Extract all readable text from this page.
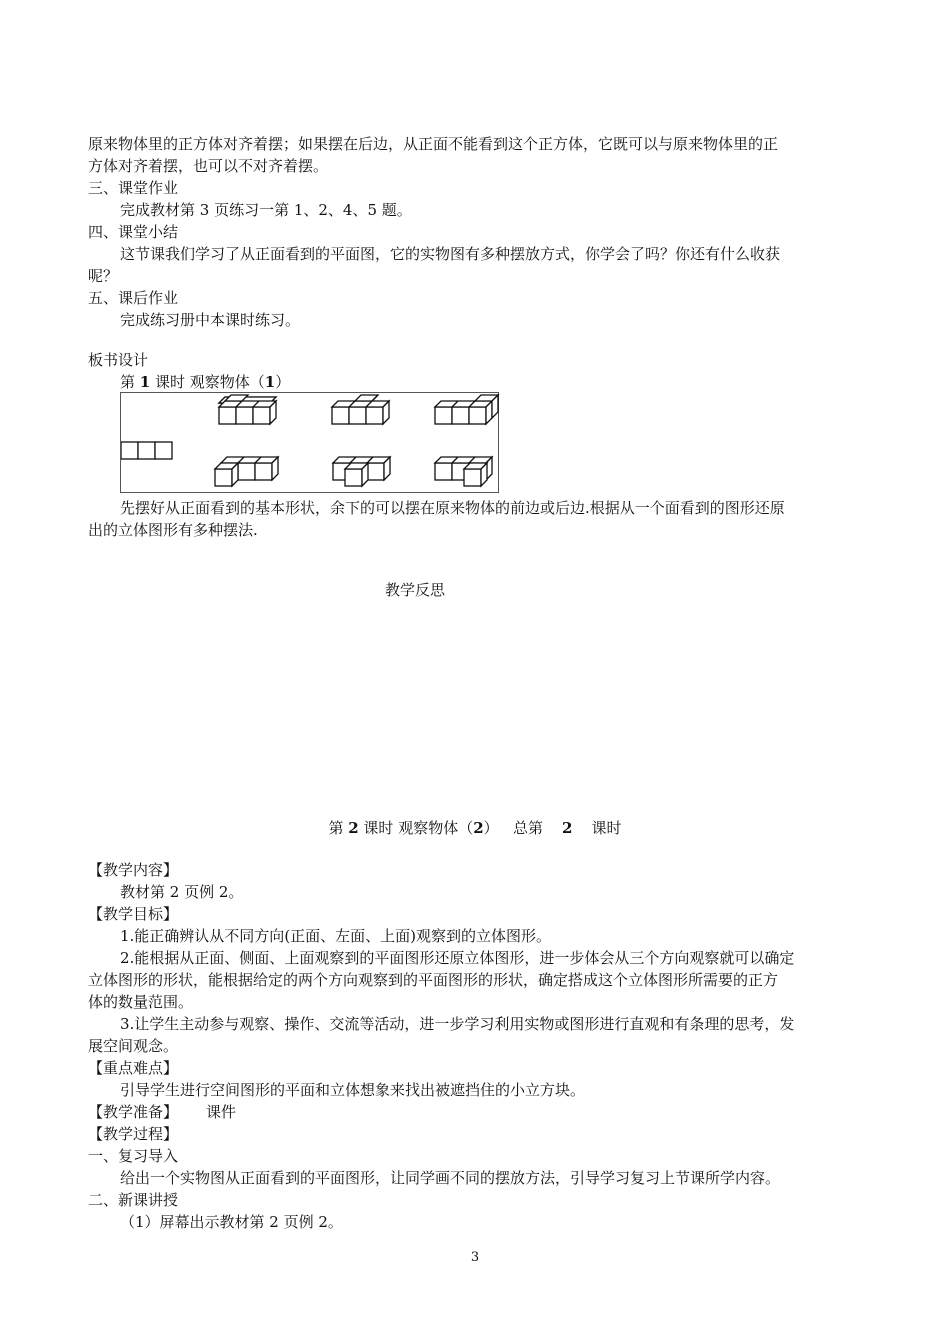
原来物体里的正方体对齐着摆；如果摆在后边，从正面不能看到这个正方体，它既可以与原来物体里的正
方体对齐着摆，也可以不对齐着摆。
三、课堂作业
完成教材第 3 页练习一第 1、2、4、5 题。
四、课堂小结
这节课我们学习了从正面看到的平面图，它的实物图有多种摆放方式，你学会了吗？你还有什么收获
呢？
五、课后作业
完成练习册中本课时练习。
板书设计
第 1 课时 观察物体（1）
先摆好从正面看到的基本形状，余下的可以摆在原来物体的前边或后边.根据从一个面看到的图形还原
出的立体图形有多种摆法.
教学反思
第 2 课时 观察物体（2）   总第    2    课时
【教学内容】
教材第 2 页例 2。
【教学目标】
1.能正确辨认从不同方向(正面、左面、上面)观察到的立体图形。
2.能根据从正面、侧面、上面观察到的平面图形还原立体图形，进一步体会从三个方向观察就可以确定
立体图形的形状，能根据给定的两个方向观察到的平面图形的形状，确定搭成这个立体图形所需要的正方
体的数量范围。
3.让学生主动参与观察、操作、交流等活动，进一步学习利用实物或图形进行直观和有条理的思考，发
展空间观念。
【重点难点】
引导学生进行空间图形的平面和立体想象来找出被遮挡住的小立方块。
【教学准备】 课件
【教学过程】
一、复习导入
给出一个实物图从正面看到的平面图形，让同学画不同的摆放方法，引导学习复习上节课所学内容。
二、新课讲授
（1）屏幕出示教材第 2 页例 2。
3
